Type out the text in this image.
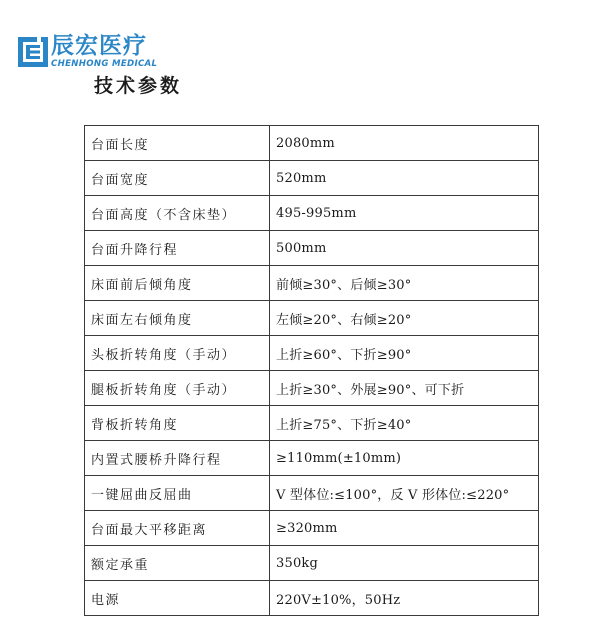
辰宏医疗
CHENHONG MEDICAL
技术参数
台面长度	2080mm
台面宽度	520mm
台面高度（不含床垫）	495-995mm
台面升降行程	500mm
床面前后倾角度	前倾≥30°、后倾≥30°
床面左右倾角度	左倾≥20°、右倾≥20°
头板折转角度（手动）	上折≥60°、下折≥90°
腿板折转角度（手动）	上折≥30°、外展≥90°、可下折
背板折转角度	上折≥75°、下折≥40°
内置式腰桥升降行程	≥110mm(±10mm)
一键屈曲反屈曲	V 型体位:≤100°，反 V 形体位:≤220°
台面最大平移距离	≥320mm
额定承重	350kg
电源	220V±10%，50Hz
